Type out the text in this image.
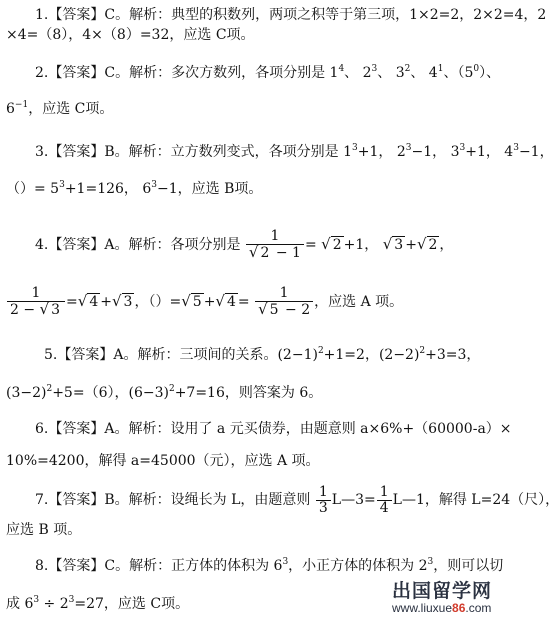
1.【答案】C。解析：典型的积数列，两项之积等于第三项，1×2=2，2×2=4，2
×4=（8），4×（8）=32，应选 C项。
2.【答案】C。解析：多次方数列，各项分别是 $1^4$、 $2^3$、 $3^2$、 $4^1$、$(5^0)$、
$6^{-1}$，应选 C项。
3.【答案】B。解析：立方数列变式，各项分别是 $1^3+1$， $2^3-1$， $3^3+1$， $4^3-1$，
（）= $5^3+1=126$， $6^3-1$，应选 B项。
4.【答案】A。解析：各项分别是 $\frac{1}{√ 2 - 1}$ = √ 2 +1， √ 3 +√ 2 ，
$\frac{1}{2 - √ 3}$ =√ 4 +√ 3 ，（）=√ 5 +√ $4 = \frac{1}{√ 5 - 2}$ ，应选 A 项。
5.【答案】A。解析：三项间的关系。$(2-1)^2+1=2$，$(2-2)^2+3=3$，
$(3-2)^2+5=(6)$，$(6-3)^2+7=16$，则答案为 6。
6.【答案】A。解析：设用了 a 元买债券，由题意则 a×6%+（60000-a）×
10%=4200，解得 a=45000（元），应选 A 项。
7.【答案】B。解析：设绳长为 L，由题意则 $\frac{1}{3}$ L—3= $\frac{1}{4}$ L—1，解得 L=24（尺），
应选 B 项。
8.【答案】C。解析：正方体的体积为 $6^3$，小正方体的体积为 $2^3$，则可以切
成 $6^3 \div 2^3=27$，应选 C项。
出国留学网
www.liuxue86.com
